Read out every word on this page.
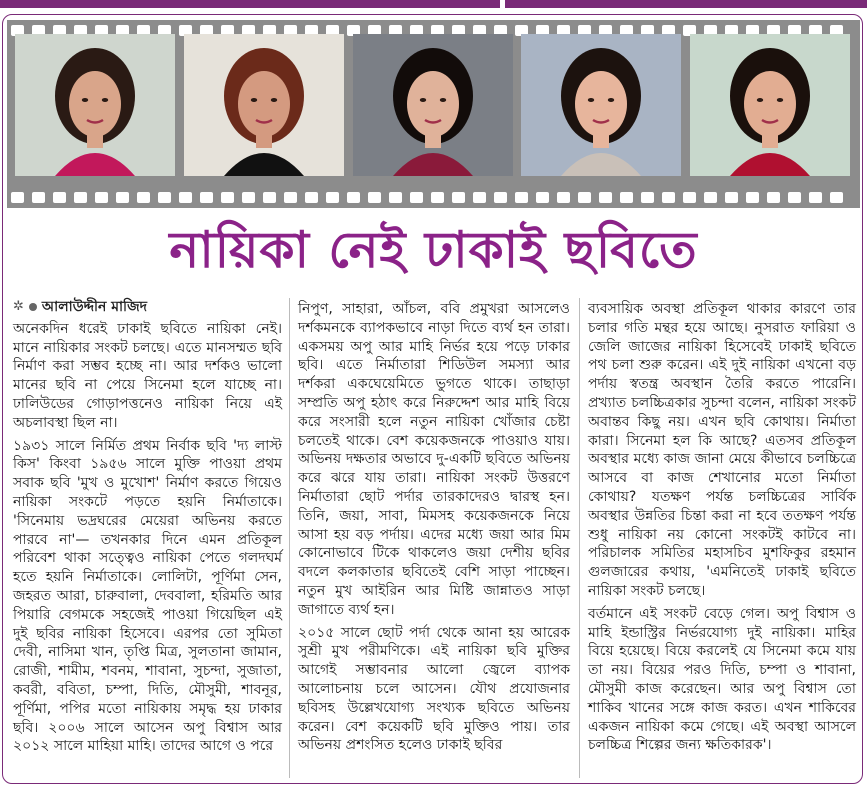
নায়িকা নেই ঢাকাই ছবিতে
✲ আলাউদ্দীন মাজিদ

অনেকদিন ধরেই ঢাকাই ছবিতে নায়িকা নেই। মানে নায়িকার সংকট চলছে। এতে মানসম্মত ছবি নির্মাণ করা সম্ভব হচ্ছে না। আর দর্শকও ভালো মানের ছবি না পেয়ে সিনেমা হলে যাচ্ছে না। ঢালিউডের গোড়াপত্তনেও নায়িকা নিয়ে এই অচলাবস্থা ছিল না।

১৯৩১ সালে নির্মিত প্রথম নির্বাক ছবি 'দ্য লাস্ট কিস' কিংবা ১৯৫৬ সালে মুক্তি পাওয়া প্রথম সবাক ছবি 'মুখ ও মুখোশ' নির্মাণ করতে গিয়েও নায়িকা সংকটে পড়তে হয়নি নির্মাতাকে। 'সিনেমায় ভদ্রঘরের মেয়েরা অভিনয় করতে পারবে না'— তখনকার দিনে এমন প্রতিকূল পরিবেশ থাকা সত্ত্বেও নায়িকা পেতে গলদঘর্ম হতে হয়নি নির্মাতাকে। লোলিটা, পূর্ণিমা সেন, জহরত আরা, চারুবালা, দেববালা, হরিমতি আর পিয়ারি বেগমকে সহজেই পাওয়া গিয়েছিল এই দুই ছবির নায়িকা হিসেবে। এরপর তো সুমিতা দেবী, নাসিমা খান, তৃপ্তি মিত্র, সুলতানা জামান, রোজী, শামীম, শবনম, শাবানা, সুচন্দা, সুজাতা, কবরী, ববিতা, চম্পা, দিতি, মৌসুমী, শাবনূর, পূর্ণিমা, পপির মতো নায়িকায় সমৃদ্ধ হয় ঢাকার ছবি। ২০০৬ সালে আসেন অপু বিশ্বাস আর ২০১২ সালে মাহিয়া মাহি। তাদের আগে ও পরে

নিপুণ, সাহারা, আঁচল, ববি প্রমুখরা আসলেও দর্শকমনকে ব্যাপকভাবে নাড়া দিতে ব্যর্থ হন তারা। একসময় অপু আর মাহি নির্ভর হয়ে পড়ে ঢাকার ছবি। এতে নির্মাতারা শিডিউল সমস্যা আর দর্শকরা একঘেয়েমিতে ভুগতে থাকে। তাছাড়া সম্প্রতি অপু হঠাৎ করে নিরুদ্দেশ আর মাহি বিয়ে করে সংসারী হলে নতুন নায়িকা খোঁজার চেষ্টা চলতেই থাকে। বেশ কয়েকজনকে পাওয়াও যায়। অভিনয় দক্ষতার অভাবে দু-একটি ছবিতে অভিনয় করে ঝরে যায় তারা। নায়িকা সংকট উত্তরণে নির্মাতারা ছোট পর্দার তারকাদেরও দ্বারস্থ হন। তিনি, জয়া, সাবা, মিমসহ কয়েকজনকে নিয়ে আসা হয় বড় পর্দায়। এদের মধ্যে জয়া আর মিম কোনোভাবে টিকে থাকলেও জয়া দেশীয় ছবির বদলে কলকাতার ছবিতেই বেশি সাড়া পাচ্ছেন। নতুন মুখ আইরিন আর মিষ্টি জান্নাতও সাড়া জাগাতে ব্যর্থ হন।

২০১৫ সালে ছোট পর্দা থেকে আনা হয় আরেক সুশ্রী মুখ পরীমণিকে। এই নায়িকা ছবি মুক্তির আগেই সম্ভাবনার আলো জ্বেলে ব্যাপক আলোচনায় চলে আসেন। যৌথ প্রযোজনার ছবিসহ উল্লেখযোগ্য সংখ্যক ছবিতে অভিনয় করেন। বেশ কয়েকটি ছবি মুক্তিও পায়। তার অভিনয় প্রশংসিত হলেও ঢাকাই ছবির

ব্যবসায়িক অবস্থা প্রতিকূল থাকার কারণে তার চলার গতি মন্থর হয়ে আছে। নুসরাত ফারিয়া ও জেলি জাজের নায়িকা হিসেবেই ঢাকাই ছবিতে পথ চলা শুরু করেন। এই দুই নায়িকা এখনো বড় পর্দায় স্বতন্ত্র অবস্থান তৈরি করতে পারেনি। প্রখ্যাত চলচ্চিত্রকার সুচন্দা বলেন, নায়িকা সংকট অবান্তব কিছু নয়। এখন ছবি কোথায়। নির্মাতা কারা। সিনেমা হল কি আছে? এতসব প্রতিকূল অবস্থার মধ্যে কাজ জানা মেয়ে কীভাবে চলচ্চিত্রে আসবে বা কাজ শেখানোর মতো নির্মাতা কোথায়? যতক্ষণ পর্যন্ত চলচ্চিত্রের সার্বিক অবস্থার উন্নতির চিন্তা করা না হবে ততক্ষণ পর্যন্ত শুধু নায়িকা নয় কোনো সংকটই কাটবে না। পরিচালক সমিতির মহাসচিব মুশফিকুর রহমান গুলজারের কথায়, 'এমনিতেই ঢাকাই ছবিতে নায়িকা সংকট চলছে।

বর্তমানে এই সংকট বেড়ে গেল। অপু বিশ্বাস ও মাহি ইন্ডাস্ট্রির নির্ভরযোগ্য দুই নায়িকা। মাহির বিয়ে হয়েছে। বিয়ে করলেই যে সিনেমা কমে যায় তা নয়। বিয়ের পরও দিতি, চম্পা ও শাবানা, মৌসুমী কাজ করেছেন। আর অপু বিশ্বাস তো শাকিব খানের সঙ্গে কাজ করত। এখন শাকিবের একজন নায়িকা কমে গেছে। এই অবস্থা আসলে চলচ্চিত্র শিল্পের জন্য ক্ষতিকারক'।
